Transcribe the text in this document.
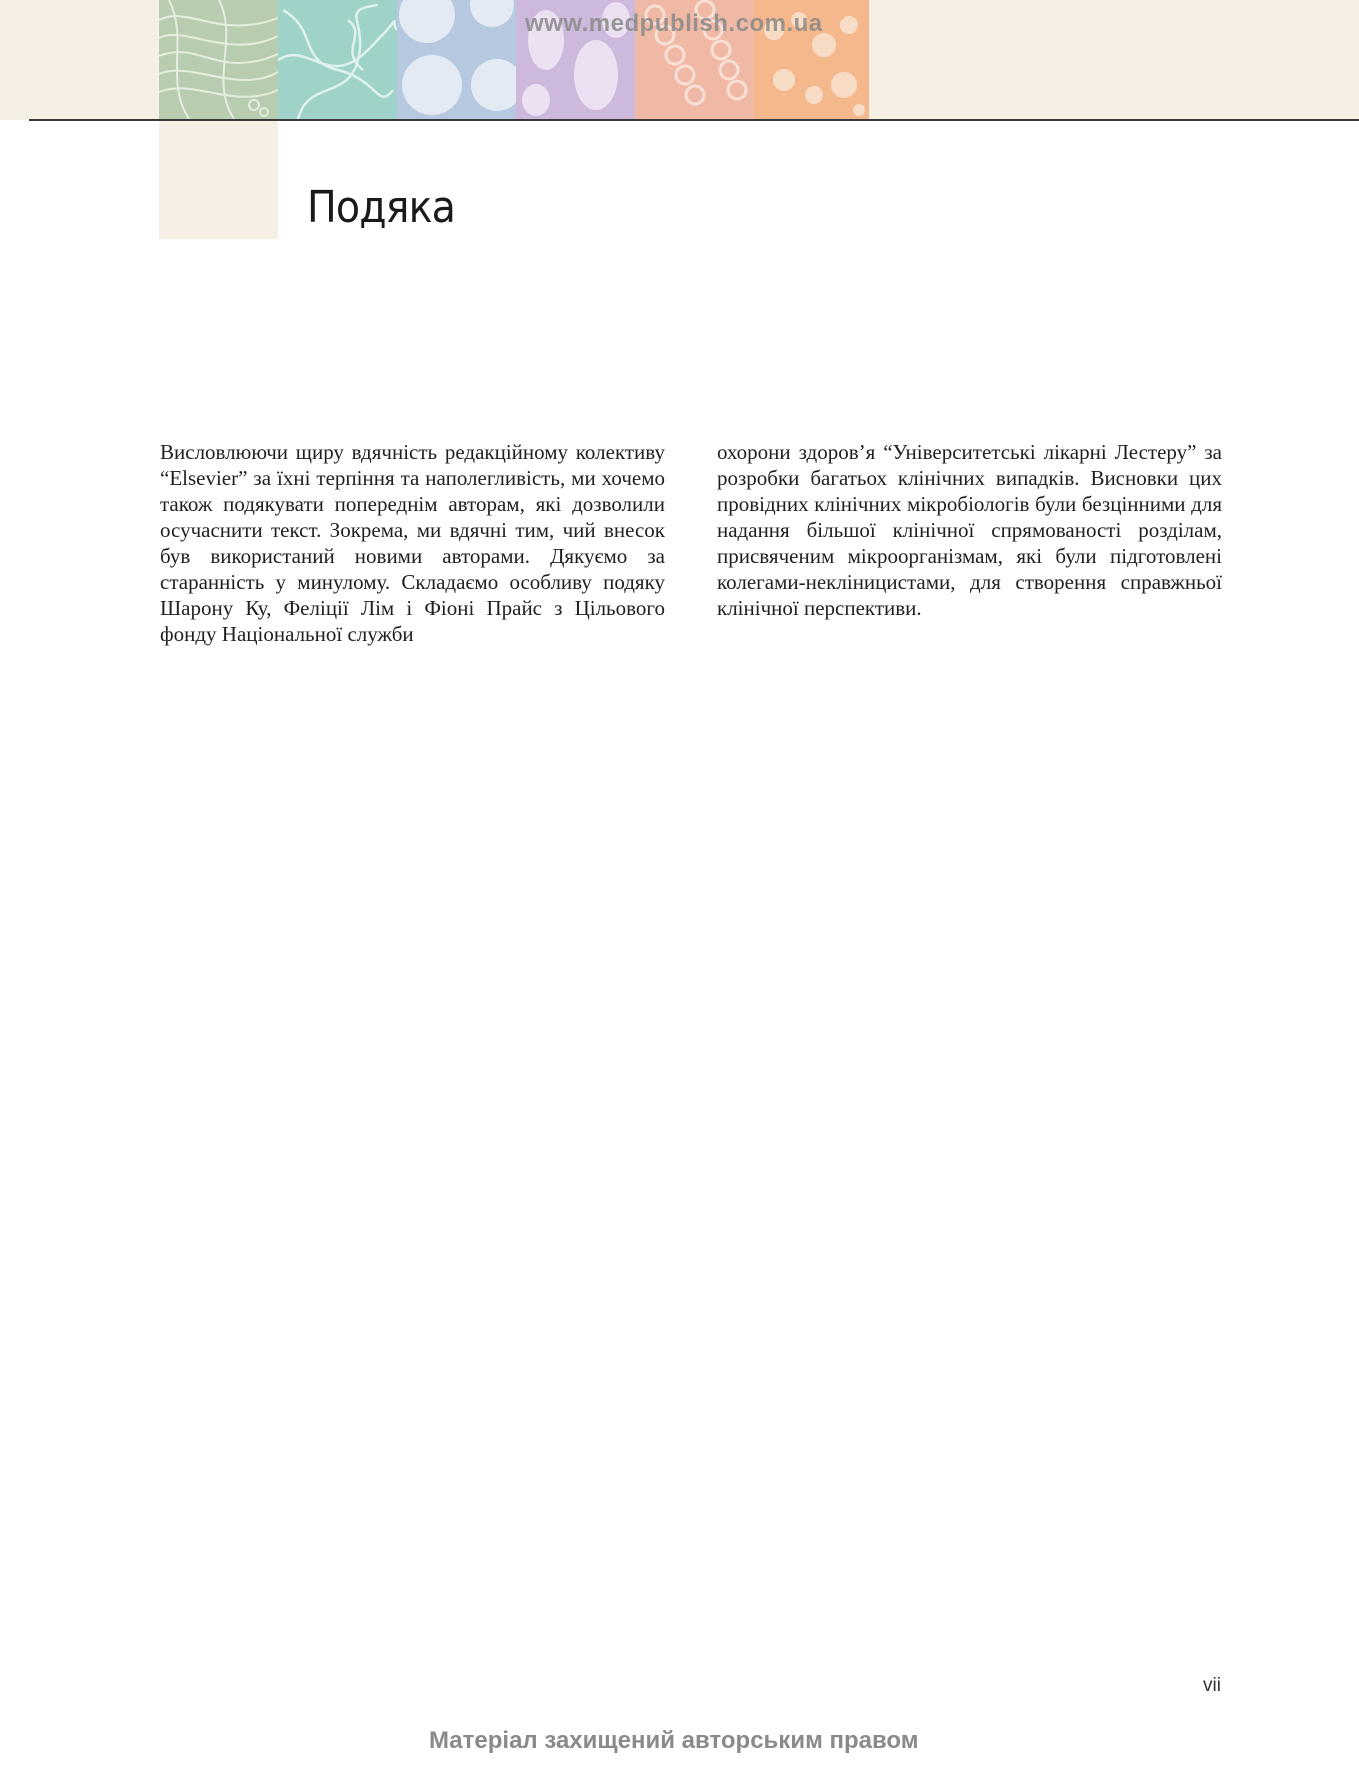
www.medpublish.com.ua
Подяка

Висловлюючи щиру вдячність редакційному колективу “Elsevier” за їхні терпіння та наполегливість, ми хочемо також подякувати попереднім авторам, які дозволили осучаснити текст. Зокрема, ми вдячні тим, чий внесок був використаний новими авторами. Дякуємо за старанність у минулому. Складаємо особливу подяку Шарону Ку, Феліції Лім і Фіоні Прайс з Цільового фонду Національної служби

охорони здоров’я “Університетські лікарні Лестеру” за розробки багатьох клінічних випадків. Висновки цих провідних клінічних мікробіологів були безцінними для надання більшої клінічної спрямованості розділам, присвяченим мікроорганізмам, які були підготовлені колегами-некліницистами, для створення справжньої клінічної перспективи.

vii
Матеріал захищений авторським правом
